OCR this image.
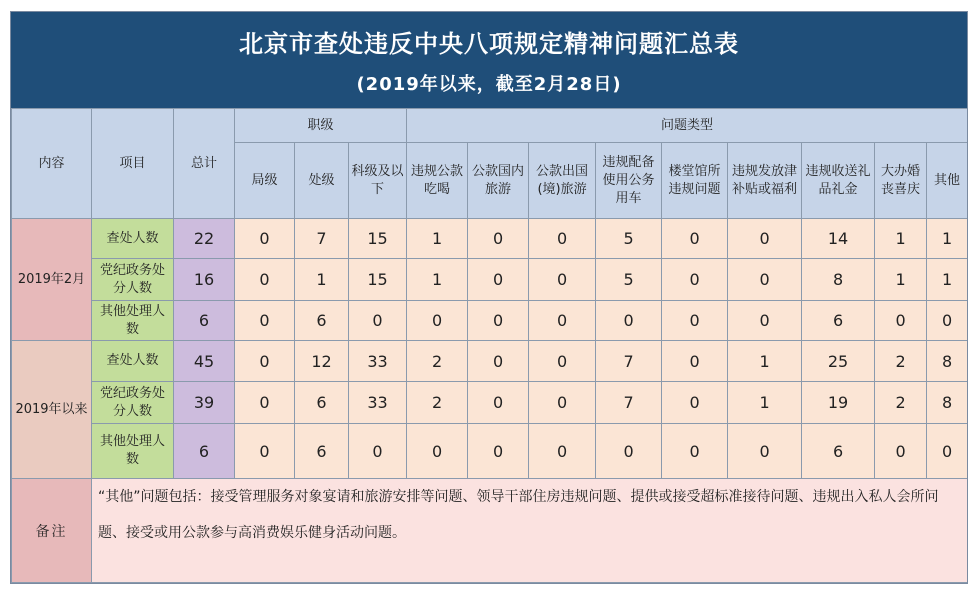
北京市查处违反中央八项规定精神问题汇总表
(2019年以来，截至2月28日)
内容	项目	总计	职级			问题类型								
			局级	处级	科级及以下	违规公款吃喝	公款国内旅游	公款出国(境)旅游	违规配备使用公务用车	楼堂馆所违规问题	违规发放津补贴或福利	违规收送礼品礼金	大办婚丧喜庆	其他
2019年2月	查处人数	22	0	7	15	1	0	0	5	0	0	14	1	1
	党纪政务处分人数	16	0	1	15	1	0	0	5	0	0	8	1	1
	其他处理人数	6	0	6	0	0	0	0	0	0	0	6	0	0
2019年以来	查处人数	45	0	12	33	2	0	0	7	0	1	25	2	8
	党纪政务处分人数	39	0	6	33	2	0	0	7	0	1	19	2	8
	其他处理人数	6	0	6	0	0	0	0	0	0	0	6	0	0
备注	“其他”问题包括：接受管理服务对象宴请和旅游安排等问题、领导干部住房违规问题、提供或接受超标准接待问题、违规出入私人会所问题、接受或用公款参与高消费娱乐健身活动问题。													
